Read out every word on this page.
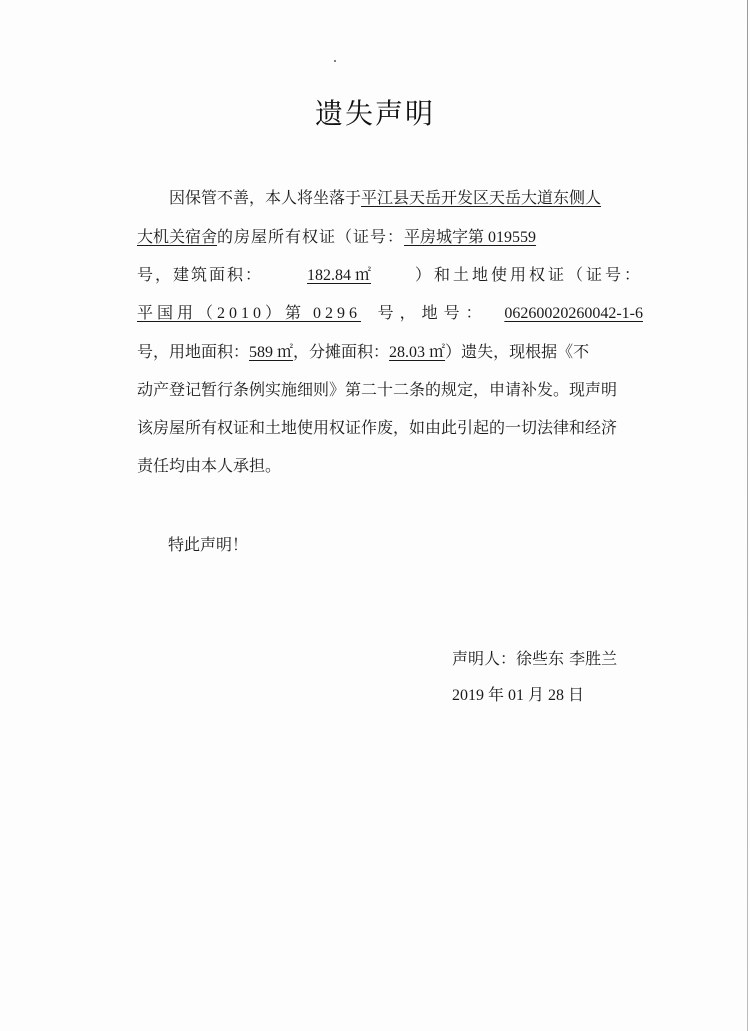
遗失声明
因保管不善，本人将坐落于 平江县天岳开发区天岳大道东侧人
大机关宿舍 的房屋所有权证（证号： 平房城字第 019559
号，建筑面积：	182.84 ㎡	）和土地使用权证（证号：
平国用（2010）第 0296 号，地号： 06260020260042-1-6
号，用地面积： 589 ㎡ ，分摊面积： 28.03 ㎡ ）遗失，现根据《不
动产登记暂行条例实施细则》第二十二条的规定，申请补发。现声明
该房屋所有权证和土地使用权证作废，如由此引起的一切法律和经济
责任均由本人承担。
特此声明！
声明人：徐些东 李胜兰
2019 年 01 月 28 日
